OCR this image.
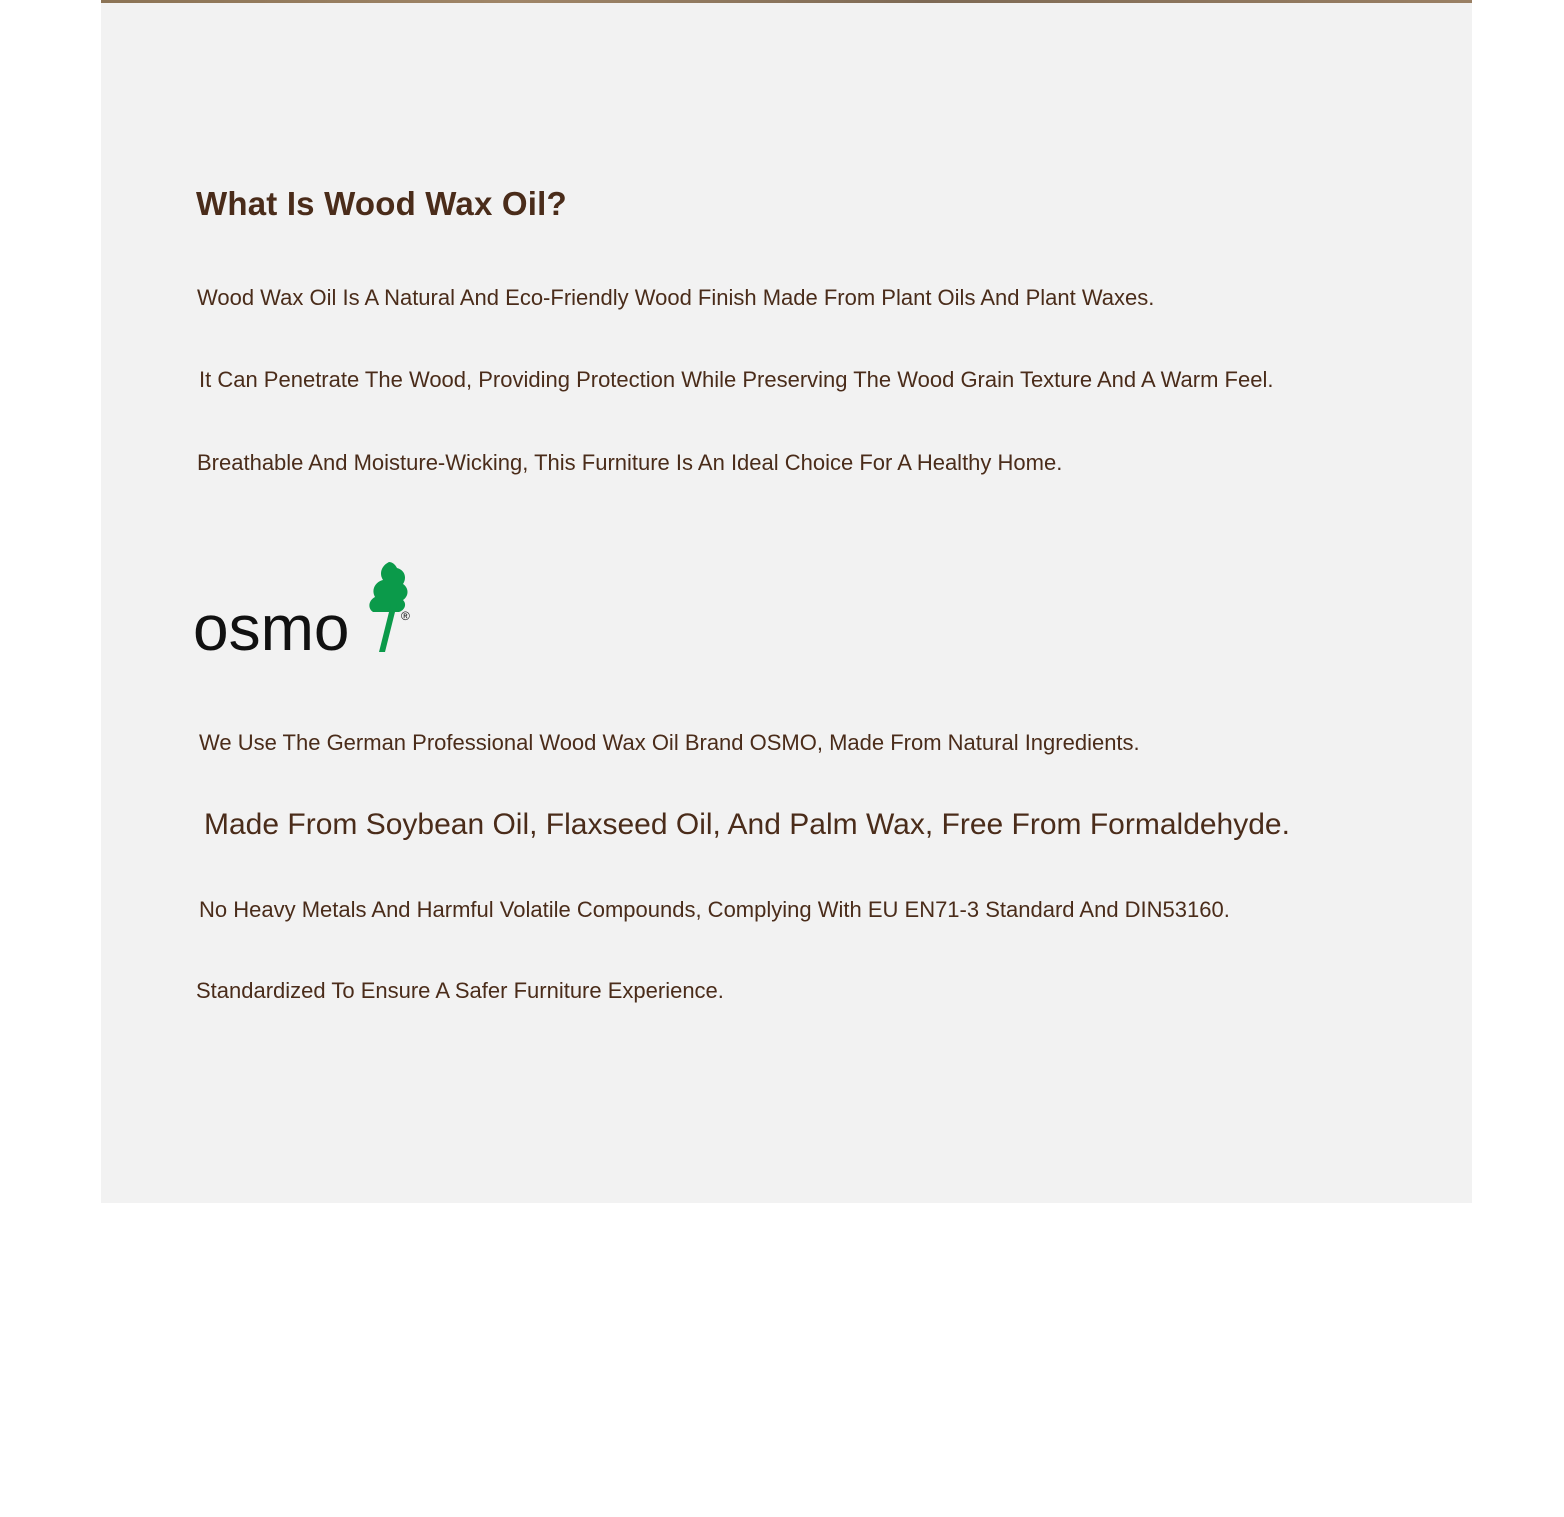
What Is Wood Wax Oil?

Wood Wax Oil Is A Natural And Eco-Friendly Wood Finish Made From Plant Oils And Plant Waxes.

It Can Penetrate The Wood, Providing Protection While Preserving The Wood Grain Texture And A Warm Feel.

Breathable And Moisture-Wicking, This Furniture Is An Ideal Choice For A Healthy Home.

osmo	®

We Use The German Professional Wood Wax Oil Brand OSMO, Made From Natural Ingredients.

Made From Soybean Oil, Flaxseed Oil, And Palm Wax, Free From Formaldehyde.

No Heavy Metals And Harmful Volatile Compounds, Complying With EU EN71-3 Standard And DIN53160.

Standardized To Ensure A Safer Furniture Experience.
